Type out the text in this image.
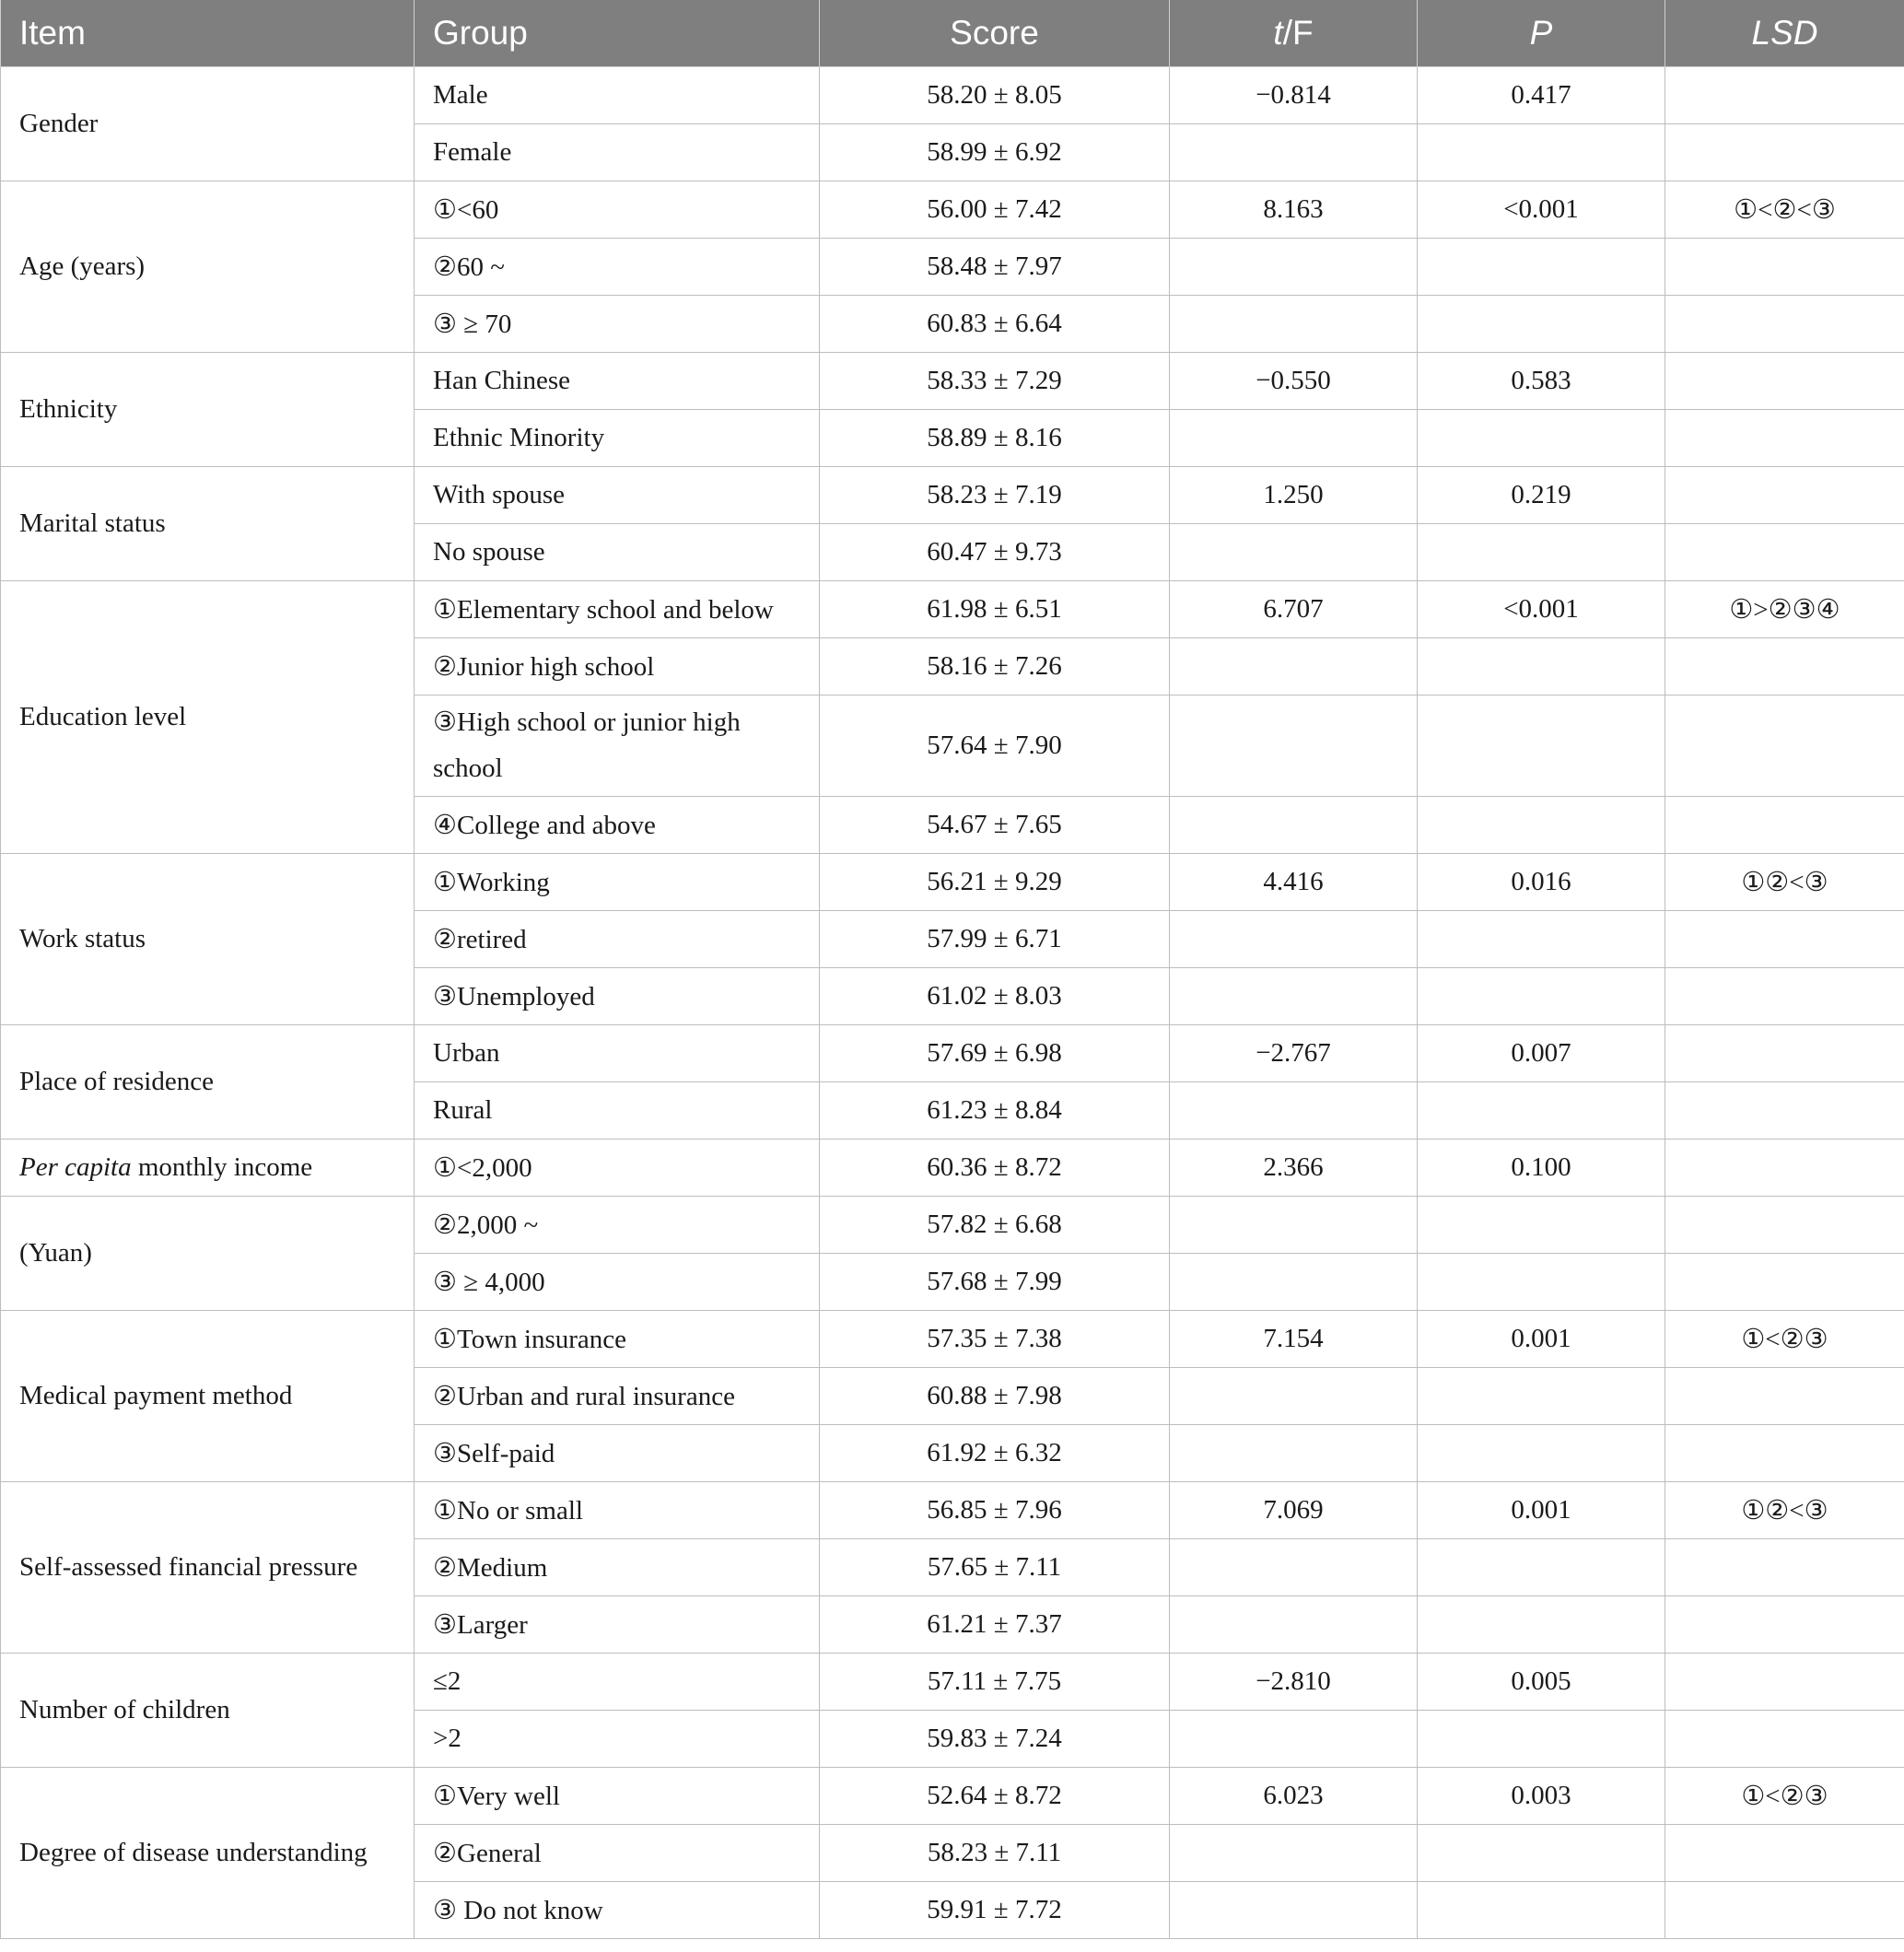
Item	Group	Score	t/F	P	LSD
Gender	Male	58.20 ± 8.05	−0.814	0.417	
	Female	58.99 ± 6.92			
Age (years)	①<60	56.00 ± 7.42	8.163	<0.001	①<②<③
	②60 ~	58.48 ± 7.97			
	③ ≥ 70	60.83 ± 6.64			
Ethnicity	Han Chinese	58.33 ± 7.29	−0.550	0.583	
	Ethnic Minority	58.89 ± 8.16			
Marital status	With spouse	58.23 ± 7.19	1.250	0.219	
	No spouse	60.47 ± 9.73			
Education level	①Elementary school and below	61.98 ± 6.51	6.707	<0.001	①>②③④
	②Junior high school	58.16 ± 7.26			
	③High school or junior high school	57.64 ± 7.90			
	④College and above	54.67 ± 7.65			
Work status	①Working	56.21 ± 9.29	4.416	0.016	①②<③
	②retired	57.99 ± 6.71			
	③Unemployed	61.02 ± 8.03			
Place of residence	Urban	57.69 ± 6.98	−2.767	0.007	
	Rural	61.23 ± 8.84			
Per capita monthly income	①<2,000	60.36 ± 8.72	2.366	0.100	
(Yuan)	②2,000 ~	57.82 ± 6.68			
	③ ≥ 4,000	57.68 ± 7.99			
Medical payment method	①Town insurance	57.35 ± 7.38	7.154	0.001	①<②③
	②Urban and rural insurance	60.88 ± 7.98			
	③Self-paid	61.92 ± 6.32			
Self-assessed financial pressure	①No or small	56.85 ± 7.96	7.069	0.001	①②<③
	②Medium	57.65 ± 7.11			
	③Larger	61.21 ± 7.37			
Number of children	≤2	57.11 ± 7.75	−2.810	0.005	
	>2	59.83 ± 7.24			
Degree of disease understanding	①Very well	52.64 ± 8.72	6.023	0.003	①<②③
	②General	58.23 ± 7.11			
	③ Do not know	59.91 ± 7.72			
